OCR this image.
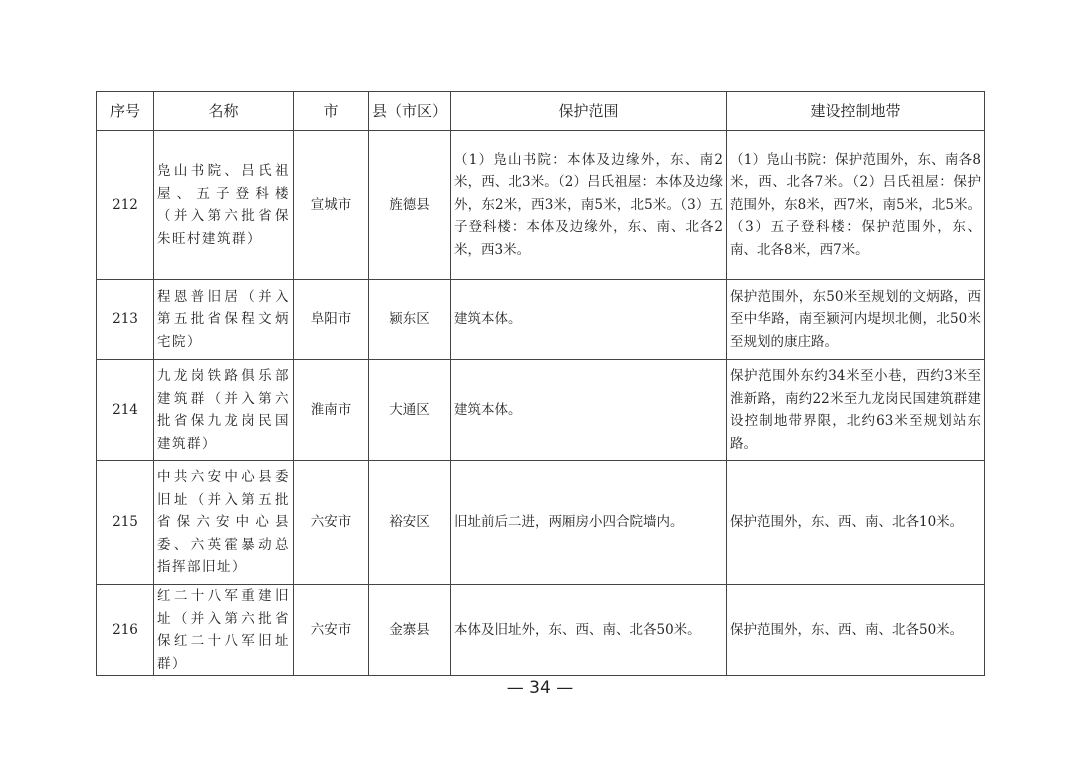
序号	名称	市	县（市区）	保护范围	建设控制地带
212	凫山书院、吕氏祖屋、五子登科楼（并入第六批省保朱旺村建筑群）	宣城市	旌德县	（1）凫山书院：本体及边缘外，东、南2米，西、北3米。（2）吕氏祖屋：本体及边缘外，东2米，西3米，南5米，北5米。（3）五子登科楼：本体及边缘外，东、南、北各2米，西3米。	（1）凫山书院：保护范围外，东、南各8米，西、北各7米。（2）吕氏祖屋：保护范围外，东8米，西7米，南5米，北5米。（3）五子登科楼：保护范围外，东、南、北各8米，西7米。
213	程恩普旧居（并入第五批省保程文炳宅院）	阜阳市	颍东区	建筑本体。	保护范围外，东50米至规划的文炳路，西至中华路，南至颍河内堤坝北侧，北50米至规划的康庄路。
214	九龙岗铁路俱乐部建筑群（并入第六批省保九龙岗民国建筑群）	淮南市	大通区	建筑本体。	保护范围外东约34米至小巷，西约3米至淮新路，南约22米至九龙岗民国建筑群建设控制地带界限，北约63米至规划站东路。
215	中共六安中心县委旧址（并入第五批省保六安中心县委、六英霍暴动总指挥部旧址）	六安市	裕安区	旧址前后二进，两厢房小四合院墙内。	保护范围外，东、西、南、北各10米。
216	红二十八军重建旧址（并入第六批省保红二十八军旧址群）	六安市	金寨县	本体及旧址外，东、西、南、北各50米。	保护范围外，东、西、南、北各50米。
— 34 —
